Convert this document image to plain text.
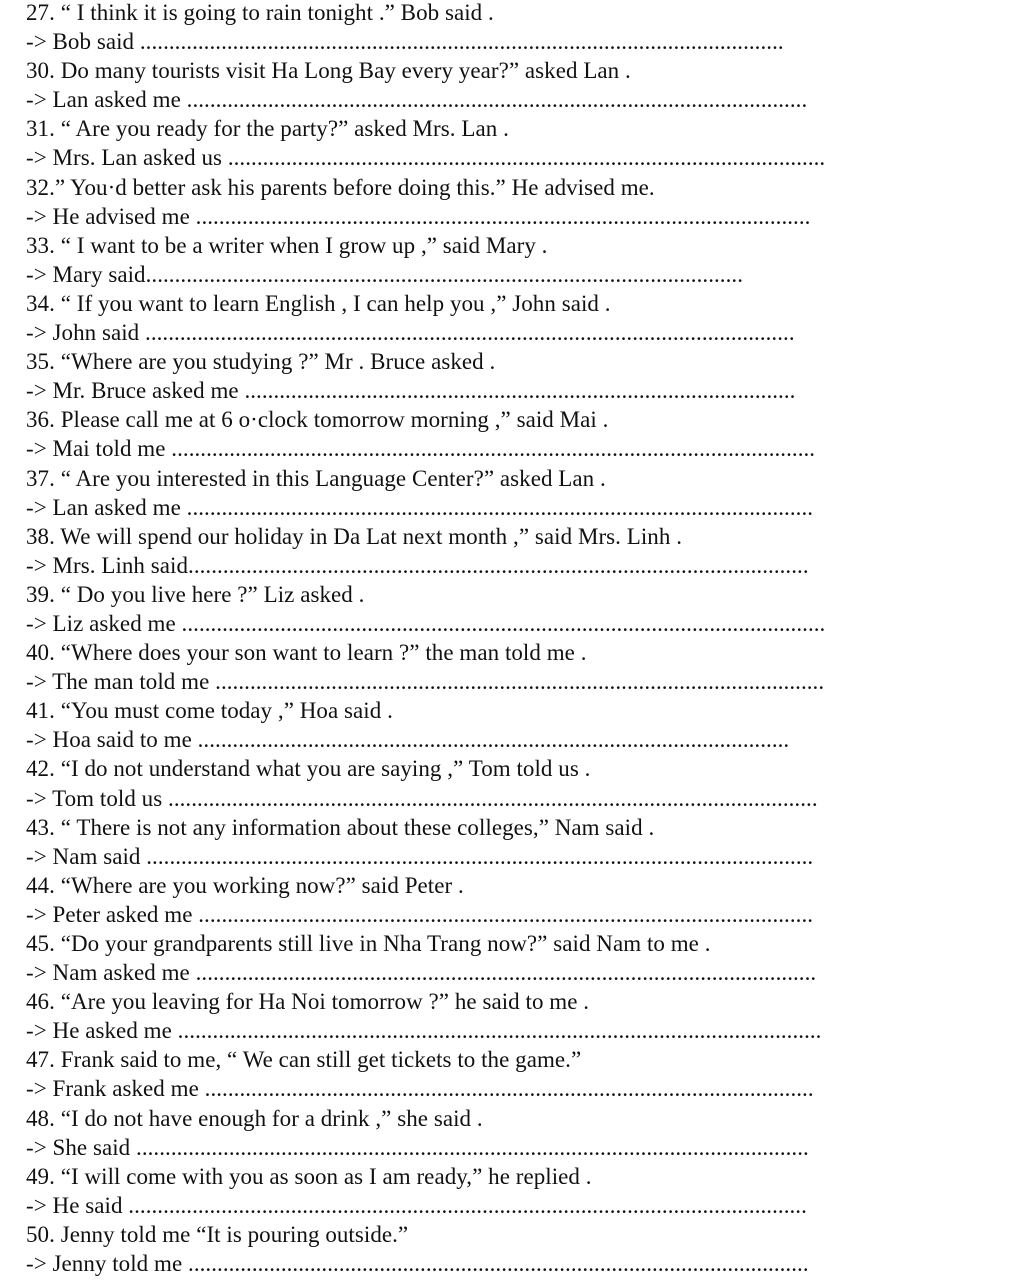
27. “ I think it is going to rain tonight .” Bob said .
-> Bob said ...............................................................................................................
30. Do many tourists visit Ha Long Bay every year?” asked Lan .
-> Lan asked me ...........................................................................................................
31. “ Are you ready for the party?” asked Mrs. Lan .
-> Mrs. Lan asked us .......................................................................................................
32.” You·d better ask his parents before doing this.” He advised me.
-> He advised me ..........................................................................................................
33. “ I want to be a writer when I grow up ,” said Mary .
-> Mary said.......................................................................................................
34. “ If you want to learn English , I can help you ,” John said .
-> John said ................................................................................................................
35. “Where are you studying ?” Mr . Bruce asked .
-> Mr. Bruce asked me ...............................................................................................
36. Please call me at 6 o·clock tomorrow morning ,” said Mai .
-> Mai told me ...............................................................................................................
37. “ Are you interested in this Language Center?” asked Lan .
-> Lan asked me ............................................................................................................
38. We will spend our holiday in Da Lat next month ,” said Mrs. Linh .
-> Mrs. Linh said...........................................................................................................
39. “ Do you live here ?” Liz asked .
-> Liz asked me ...............................................................................................................
40. “Where does your son want to learn ?” the man told me .
-> The man told me .........................................................................................................
41. “You must come today ,” Hoa said .
-> Hoa said to me ......................................................................................................
42. “I do not understand what you are saying ,” Tom told us .
-> Tom told us ................................................................................................................
43. “ There is not any information about these colleges,” Nam said .
-> Nam said ...................................................................................................................
44. “Where are you working now?” said Peter .
-> Peter asked me ..........................................................................................................
45. “Do your grandparents still live in Nha Trang now?” said Nam to me .
-> Nam asked me ...........................................................................................................
46. “Are you leaving for Ha Noi tomorrow ?” he said to me .
-> He asked me ...............................................................................................................
47. Frank said to me, “ We can still get tickets to the game.”
-> Frank asked me .........................................................................................................
48. “I do not have enough for a drink ,” she said .
-> She said ....................................................................................................................
49. “I will come with you as soon as I am ready,” he replied .
-> He said .....................................................................................................................
50. Jenny told me “It is pouring outside.”
-> Jenny told me ...........................................................................................................
